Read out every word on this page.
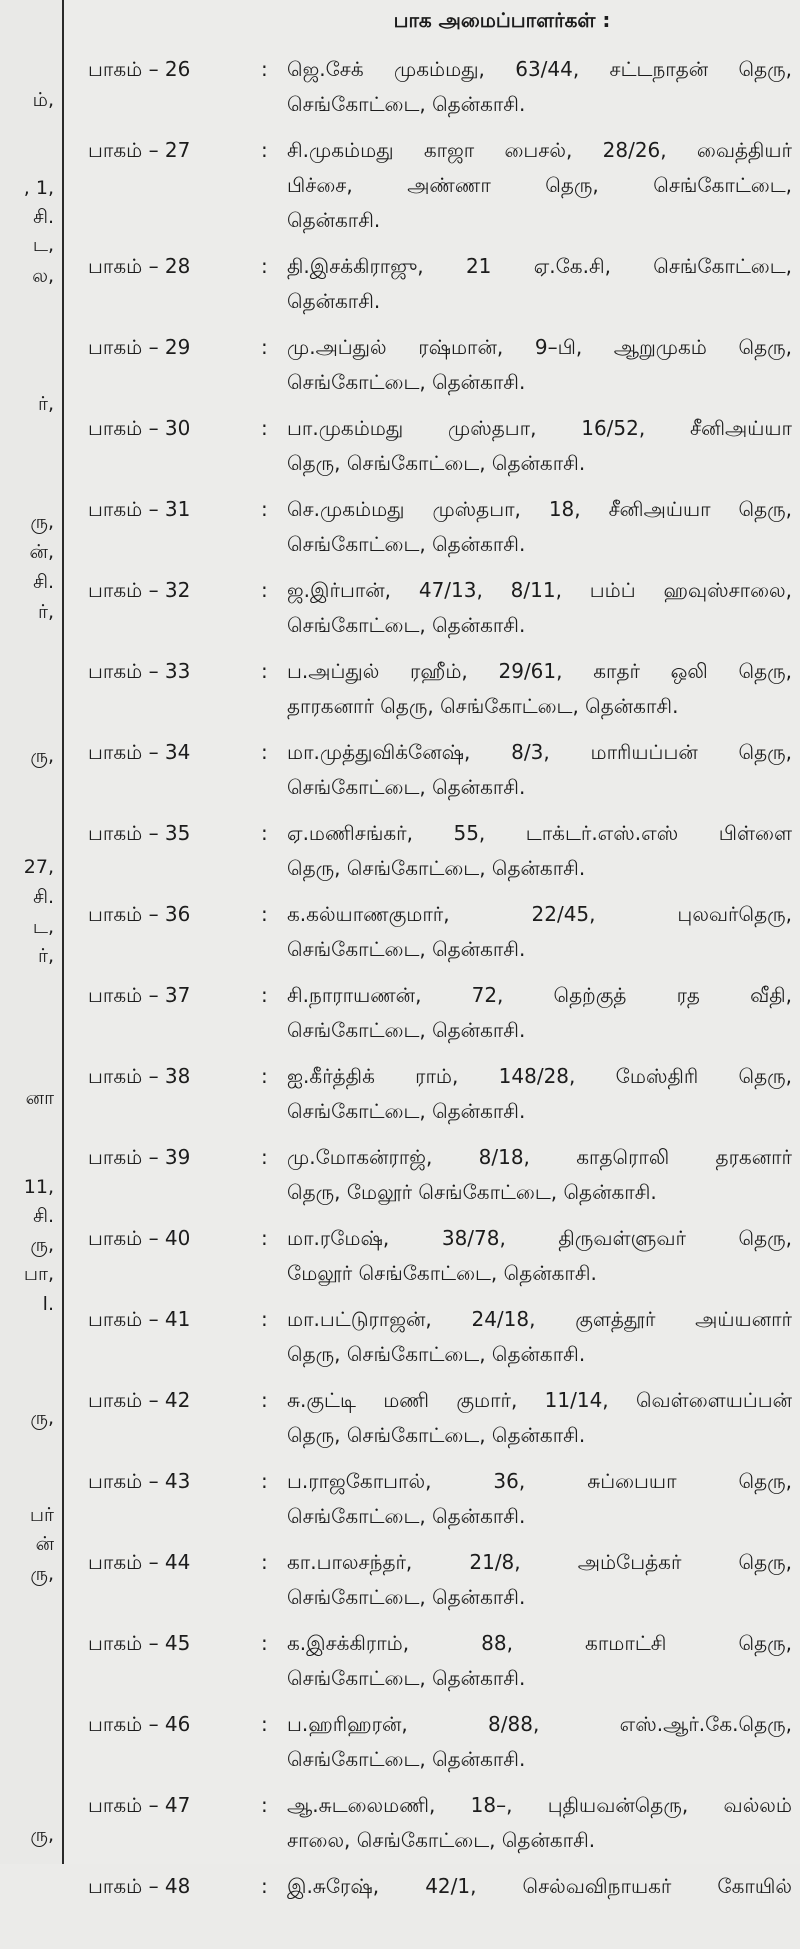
ம்,
, 1,
சி.
ட,
ல,
ர்,
ரு,
ன்,
சி.
ர்,
ரு,
27,
சி.
ட,
ர்,
னா
11,
சி.
ரு,
பா,
l.
ரு,
பர்
ன்
ரு,
ரு,
பாக அமைப்பாளர்கள் :
பாகம் – 26	: ஜெ.சேக் முகம்மது, 63/44, சட்டநாதன் தெரு,
செங்கோட்டை, தென்காசி.
பாகம் – 27	: சி.முகம்மது காஜா பைசல், 28/26, வைத்தியர்
பிச்சை, அண்ணா தெரு, செங்கோட்டை,
தென்காசி.
பாகம் – 28	: தி.இசக்கிராஜு, 21 ஏ.கே.சி, செங்கோட்டை,
தென்காசி.
பாகம் – 29	: மு.அப்துல் ரஷ்மான், 9–பி, ஆறுமுகம் தெரு,
செங்கோட்டை, தென்காசி.
பாகம் – 30	: பா.முகம்மது முஸ்தபா, 16/52, சீனிஅய்யா
தெரு, செங்கோட்டை, தென்காசி.
பாகம் – 31	: செ.முகம்மது முஸ்தபா, 18, சீனிஅய்யா தெரு,
செங்கோட்டை, தென்காசி.
பாகம் – 32	: ஜ.இர்பான், 47/13, 8/11, பம்ப் ஹவுஸ்சாலை,
செங்கோட்டை, தென்காசி.
பாகம் – 33	: ப.அப்துல் ரஹீம், 29/61, காதர் ஒலி தெரு,
தாரகனார் தெரு, செங்கோட்டை, தென்காசி.
பாகம் – 34	: மா.முத்துவிக்னேஷ், 8/3, மாரியப்பன் தெரு,
செங்கோட்டை, தென்காசி.
பாகம் – 35	: ஏ.மணிசங்கர், 55, டாக்டர்.எஸ்.எஸ் பிள்ளை
தெரு, செங்கோட்டை, தென்காசி.
பாகம் – 36	: க.கல்யாணகுமார், 22/45, புலவர்தெரு,
செங்கோட்டை, தென்காசி.
பாகம் – 37	: சி.நாராயணன், 72, தெற்குத் ரத வீதி,
செங்கோட்டை, தென்காசி.
பாகம் – 38	: ஐ.கீர்த்திக் ராம், 148/28, மேஸ்திரி தெரு,
செங்கோட்டை, தென்காசி.
பாகம் – 39	: மு.மோகன்ராஜ், 8/18, காதரொலி தரகனார்
தெரு, மேலூர் செங்கோட்டை, தென்காசி.
பாகம் – 40	: மா.ரமேஷ், 38/78, திருவள்ளுவர் தெரு,
மேலூர் செங்கோட்டை, தென்காசி.
பாகம் – 41	: மா.பட்டுராஜன், 24/18, குளத்தூர் அய்யனார்
தெரு, செங்கோட்டை, தென்காசி.
பாகம் – 42	: சு.குட்டி மணி குமார், 11/14, வெள்ளையப்பன்
தெரு, செங்கோட்டை, தென்காசி.
பாகம் – 43	: ப.ராஜகோபால், 36, சுப்பையா தெரு,
செங்கோட்டை, தென்காசி.
பாகம் – 44	: கா.பாலசந்தர், 21/8, அம்பேத்கர் தெரு,
செங்கோட்டை, தென்காசி.
பாகம் – 45	: க.இசக்கிராம், 88, காமாட்சி தெரு,
செங்கோட்டை, தென்காசி.
பாகம் – 46	: ப.ஹரிஹரன், 8/88, எஸ்.ஆர்.கே.தெரு,
செங்கோட்டை, தென்காசி.
பாகம் – 47	: ஆ.சுடலைமணி, 18–, புதியவன்தெரு, வல்லம்
சாலை, செங்கோட்டை, தென்காசி.
பாகம் – 48	: இ.சுரேஷ், 42/1, செல்வவிநாயகர் கோயில்
